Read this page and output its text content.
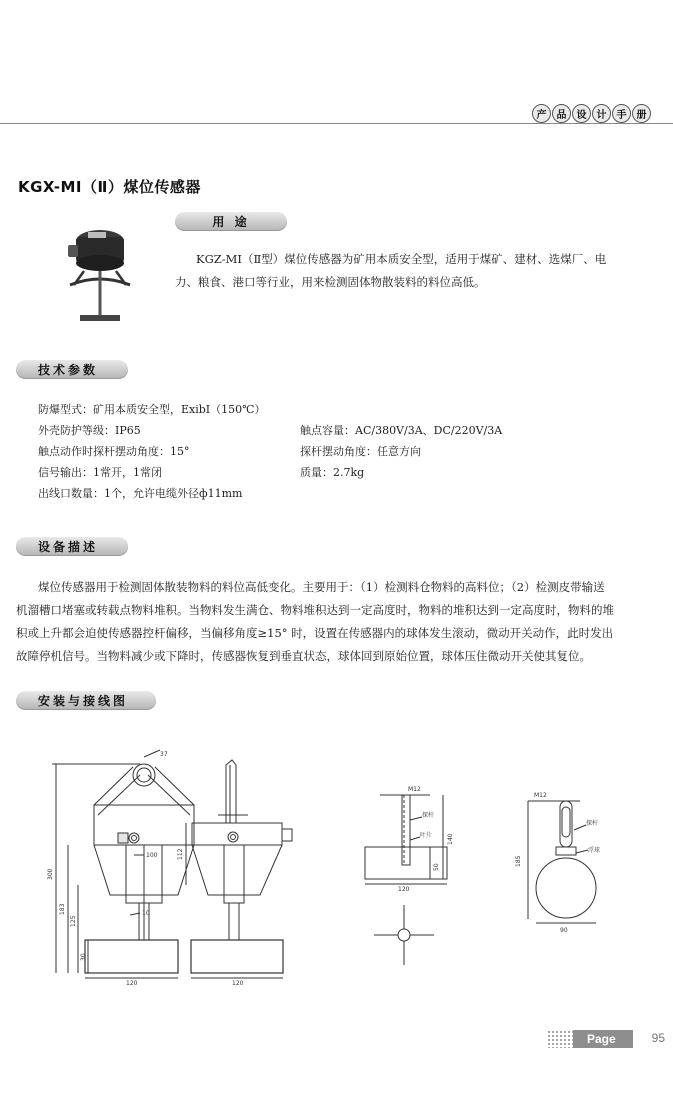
产	品	设	计	手	册
KGX-MI（Ⅱ）煤位传感器
用 途
KGZ-MI（Ⅱ型）煤位传感器为矿用本质安全型，适用于煤矿、建材、选煤厂、电
力、粮食、港口等行业，用来检测固体物散装料的料位高低。
技术参数
防爆型式：矿用本质安全型，ExibI（150℃）
外壳防护等级：IP65	触点容量：AC/380V/3A、DC/220V/3A
触点动作时探杆摆动角度：15°	探杆摆动角度：任意方向
信号输出：1常开，1常闭	质量：2.7kg
出线口数量：1个，允许电缆外径ф11mm
设备描述
煤位传感器用于检测固体散装物料的料位高低变化。主要用于：（1）检测料仓物料的高料位；（2）检测皮带输送
机溜槽口堵塞或转载点物料堆积。当物料发生满仓、物料堆积达到一定高度时，物料的堆积达到一定高度时，物料的堆
积或上升都会迫使传感器控杆偏移，当偏移角度≥15° 时，设置在传感器内的球体发生滚动，微动开关动作，此时发出
故障停机信号。当物料减少或下降时，传感器恢复到垂直状态，球体回到原始位置，球体压住微动开关使其复位。
安装与接线图
37
100
300
183
125
10
30
120
112
120
M12
探杆
叶片 140
50
120
M12
探杆
浮球
185
90
Page	95
